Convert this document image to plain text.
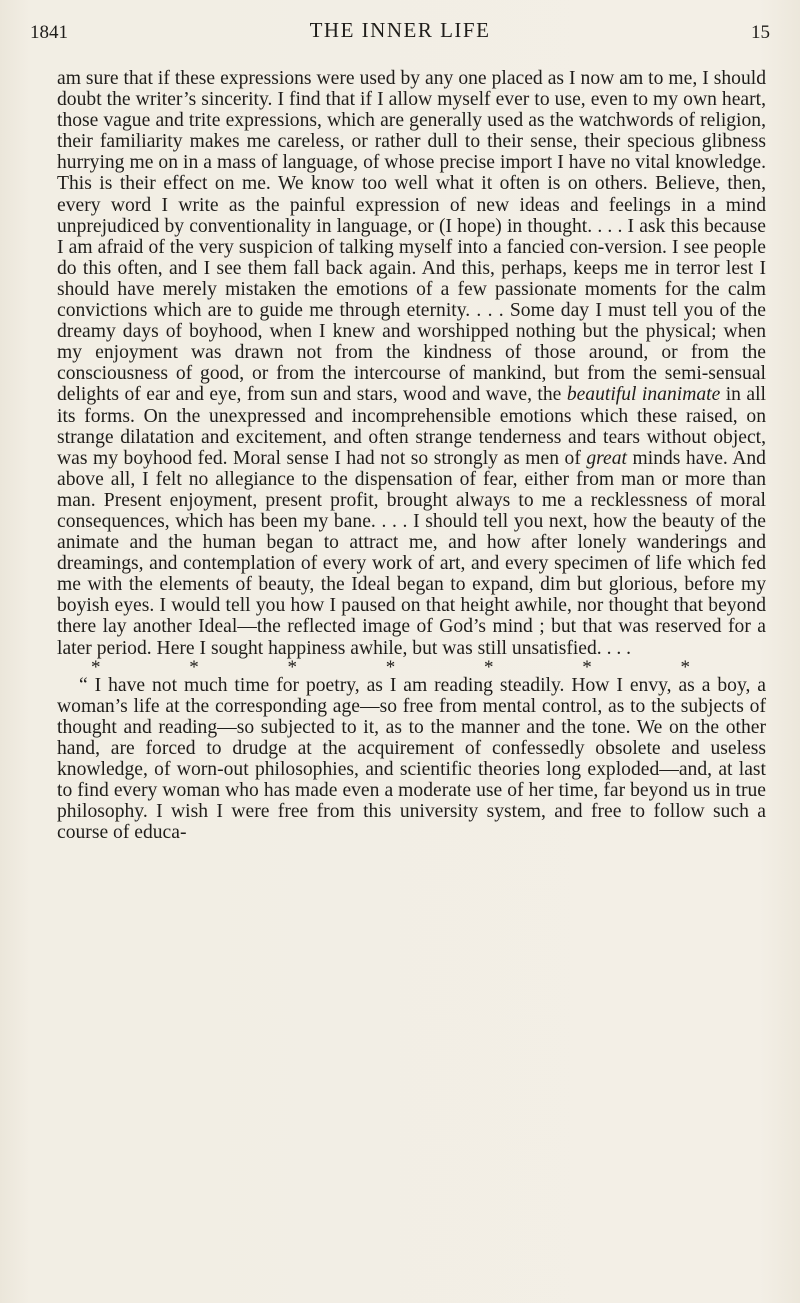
1841	THE INNER LIFE	15

am sure that if these expressions were used by any one placed as I now am to me, I should doubt the writer’s sincerity. I find that if I allow myself ever to use, even to my own heart, those vague and trite expressions, which are generally used as the watchwords of religion, their familiarity makes me careless, or rather dull to their sense, their specious glibness hurrying me on in a mass of language, of whose precise import I have no vital knowledge. This is their effect on me. We know too well what it often is on others. Believe, then, every word I write as the painful expression of new ideas and feelings in a mind unprejudiced by conventionality in language, or (I hope) in thought. . . . I ask this because I am afraid of the very suspicion of talking myself into a fancied con-version. I see people do this often, and I see them fall back again. And this, perhaps, keeps me in terror lest I should have merely mistaken the emotions of a few passionate moments for the calm convictions which are to guide me through eternity. . . . Some day I must tell you of the dreamy days of boyhood, when I knew and worshipped nothing but the physical; when my enjoyment was drawn not from the kindness of those around, or from the consciousness of good, or from the intercourse of mankind, but from the semi-sensual delights of ear and eye, from sun and stars, wood and wave, the beautiful inanimate in all its forms. On the unexpressed and incomprehensible emotions which these raised, on strange dilatation and excitement, and often strange tenderness and tears without object, was my boyhood fed. Moral sense I had not so strongly as men of great minds have. And above all, I felt no allegiance to the dispensation of fear, either from man or more than man. Present enjoyment, present profit, brought always to me a recklessness of moral consequences, which has been my bane. . . . I should tell you next, how the beauty of the animate and the human began to attract me, and how after lonely wanderings and dreamings, and contemplation of every work of art, and every specimen of life which fed me with the elements of beauty, the Ideal began to expand, dim but glorious, before my boyish eyes. I would tell you how I paused on that height awhile, nor thought that beyond there lay another Ideal—the reflected image of God’s mind ; but that was reserved for a later period. Here I sought happiness awhile, but was still unsatisfied. . . .

* * * * * * *

“ I have not much time for poetry, as I am reading steadily. How I envy, as a boy, a woman’s life at the corresponding age—so free from mental control, as to the subjects of thought and reading—so subjected to it, as to the manner and the tone. We on the other hand, are forced to drudge at the acquirement of confessedly obsolete and useless knowledge, of worn-out philosophies, and scientific theories long exploded—and, at last to find every woman who has made even a moderate use of her time, far beyond us in true philosophy. I wish I were free from this university system, and free to follow such a course of educa-
